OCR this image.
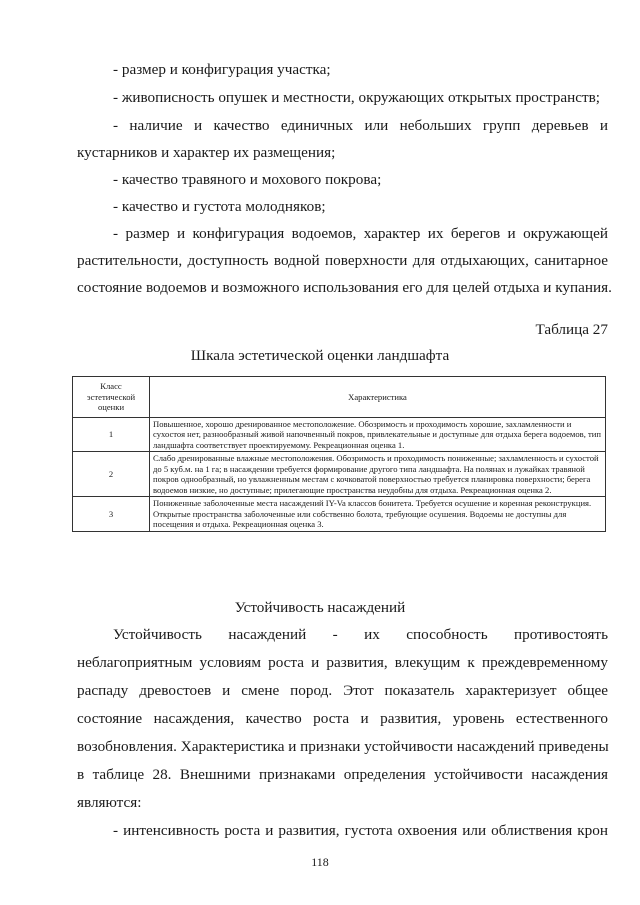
- размер и конфигурация участка;
- живописность опушек и местности, окружающих открытых пространств;
- наличие и качество единичных или небольших групп деревьев и
кустарников и характер их размещения;
- качество травяного и мохового покрова;
- качество и густота молодняков;
- размер и конфигурация водоемов, характер их берегов и окружающей
растительности, доступность водной поверхности для отдыхающих, санитарное
состояние водоемов и возможного использования его для целей отдыха и купания.
Таблица 27
Шкала эстетической оценки ландшафта
Класс эстетической оценки	Характеристика
1	Повышенное, хорошо дренированное местоположение. Обозримость и проходимость хорошие, захламленности и сухостоя нет, разнообразный живой напочвенный покров, привлекательные и доступные для отдыха берега водоемов, тип ландшафта соответствует проектируемому. Рекреационная оценка 1.
2	Слабо дренированные влажные местоположения. Обозримость и проходимость пониженные; захламленность и сухостой до 5 куб.м. на 1 га; в насаждении требуется формирование другого типа ландшафта. На полянах и лужайках травяной покров однообразный, но увлажненным местам с кочковатой поверхностью требуется планировка поверхности; берега водоемов низкие, но доступные; прилегающие пространства неудобны для отдыха. Рекреационная оценка 2.
3	Пониженные заболоченные места насаждений IY-Va классов бонитета. Требуется осушение и коренная реконструкция. Открытые пространства заболоченные или собственно болота, требующие осушения. Водоемы не доступны для посещения и отдыха. Рекреационная оценка 3.
Устойчивость насаждений
Устойчивость насаждений - их способность противостоять
неблагоприятным условиям роста и развития, влекущим к преждевременному
распаду древостоев и смене пород. Этот показатель характеризует общее
состояние насаждения, качество роста и развития, уровень естественного
возобновления. Характеристика и признаки устойчивости насаждений приведены
в таблице 28. Внешними признаками определения устойчивости насаждения
являются:
- интенсивность роста и развития, густота охвоения или облиствения крон
118
